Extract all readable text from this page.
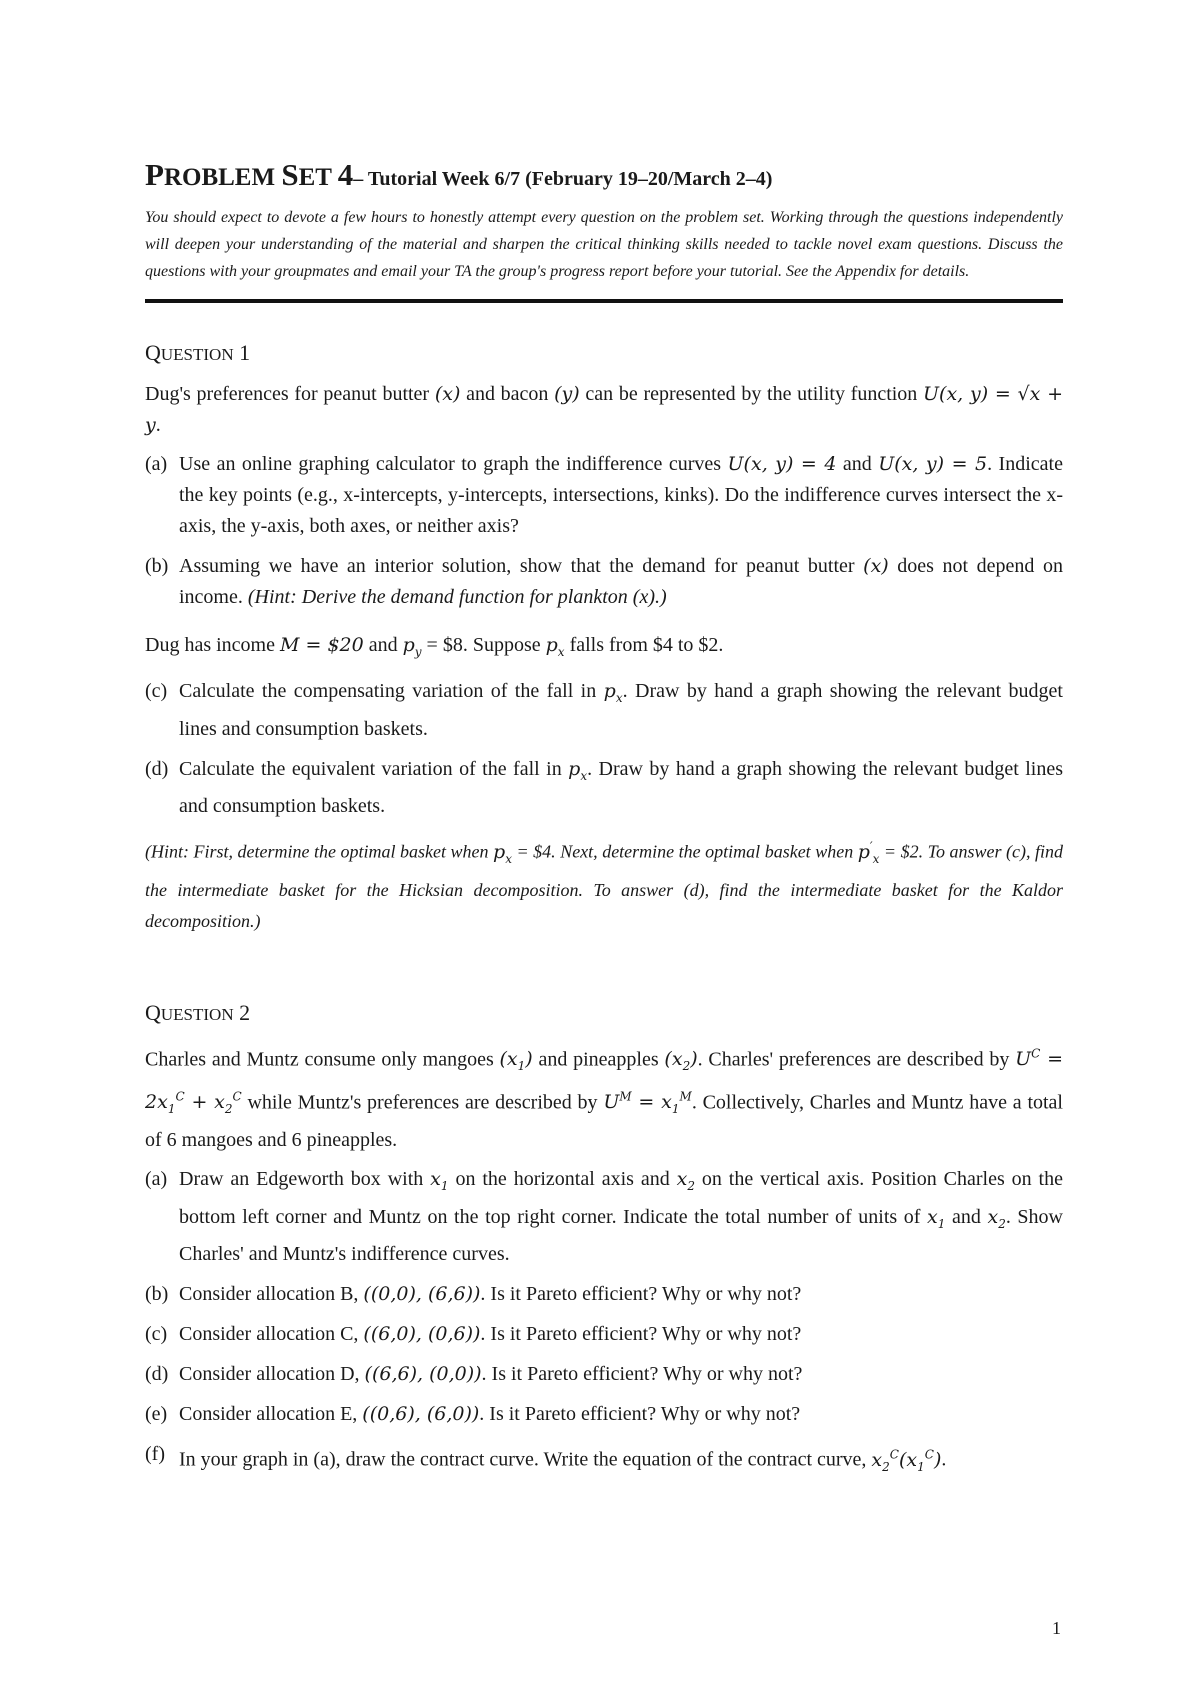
PROBLEM SET 4– Tutorial Week 6/7 (February 19–20/March 2–4)

You should expect to devote a few hours to honestly attempt every question on the problem set. Working through the questions independently will deepen your understanding of the material and sharpen the critical thinking skills needed to tackle novel exam questions. Discuss the questions with your groupmates and email your TA the group's progress report before your tutorial. See the Appendix for details.

QUESTION 1

Dug's preferences for peanut butter (x) and bacon (y) can be represented by the utility function U(x, y) = √x + y.

(a) Use an online graphing calculator to graph the indifference curves U(x, y) = 4 and U(x, y) = 5. Indicate the key points (e.g., x-intercepts, y-intercepts, intersections, kinks). Do the indifference curves intersect the x-axis, the y-axis, both axes, or neither axis?
(b) Assuming we have an interior solution, show that the demand for peanut butter (x) does not depend on income. (Hint: Derive the demand function for plankton (x).)

Dug has income M = $20 and $p_y$ = $8. Suppose $p_x$ falls from $4 to $2.

(c) Calculate the compensating variation of the fall in $p_x$. Draw by hand a graph showing the relevant budget lines and consumption baskets.
(d) Calculate the equivalent variation of the fall in $p_x$. Draw by hand a graph showing the relevant budget lines and consumption baskets.

(Hint: First, determine the optimal basket when $p_x$ = $4. Next, determine the optimal basket when $p'_x$ = $2. To answer (c), find the intermediate basket for the Hicksian decomposition. To answer (d), find the intermediate basket for the Kaldor decomposition.)

QUESTION 2

Charles and Muntz consume only mangoes $(x_1)$ and pineapples $(x_2)$. Charles' preferences are described by $U^C = 2x_1^C + x_2^C$ while Muntz's preferences are described by $U^M = x_1^M$. Collectively, Charles and Muntz have a total of 6 mangoes and 6 pineapples.

(a) Draw an Edgeworth box with $x_1$ on the horizontal axis and $x_2$ on the vertical axis. Position Charles on the bottom left corner and Muntz on the top right corner. Indicate the total number of units of $x_1$ and $x_2$. Show Charles' and Muntz's indifference curves.
(b) Consider allocation B, ((0,0), (6,6)). Is it Pareto efficient? Why or why not?
(c) Consider allocation C, ((6,0), (0,6)). Is it Pareto efficient? Why or why not?
(d) Consider allocation D, ((6,6), (0,0)). Is it Pareto efficient? Why or why not?
(e) Consider allocation E, ((0,6), (6,0)). Is it Pareto efficient? Why or why not?
(f) In your graph in (a), draw the contract curve. Write the equation of the contract curve, $x_2^C(x_1^C)$.
1
